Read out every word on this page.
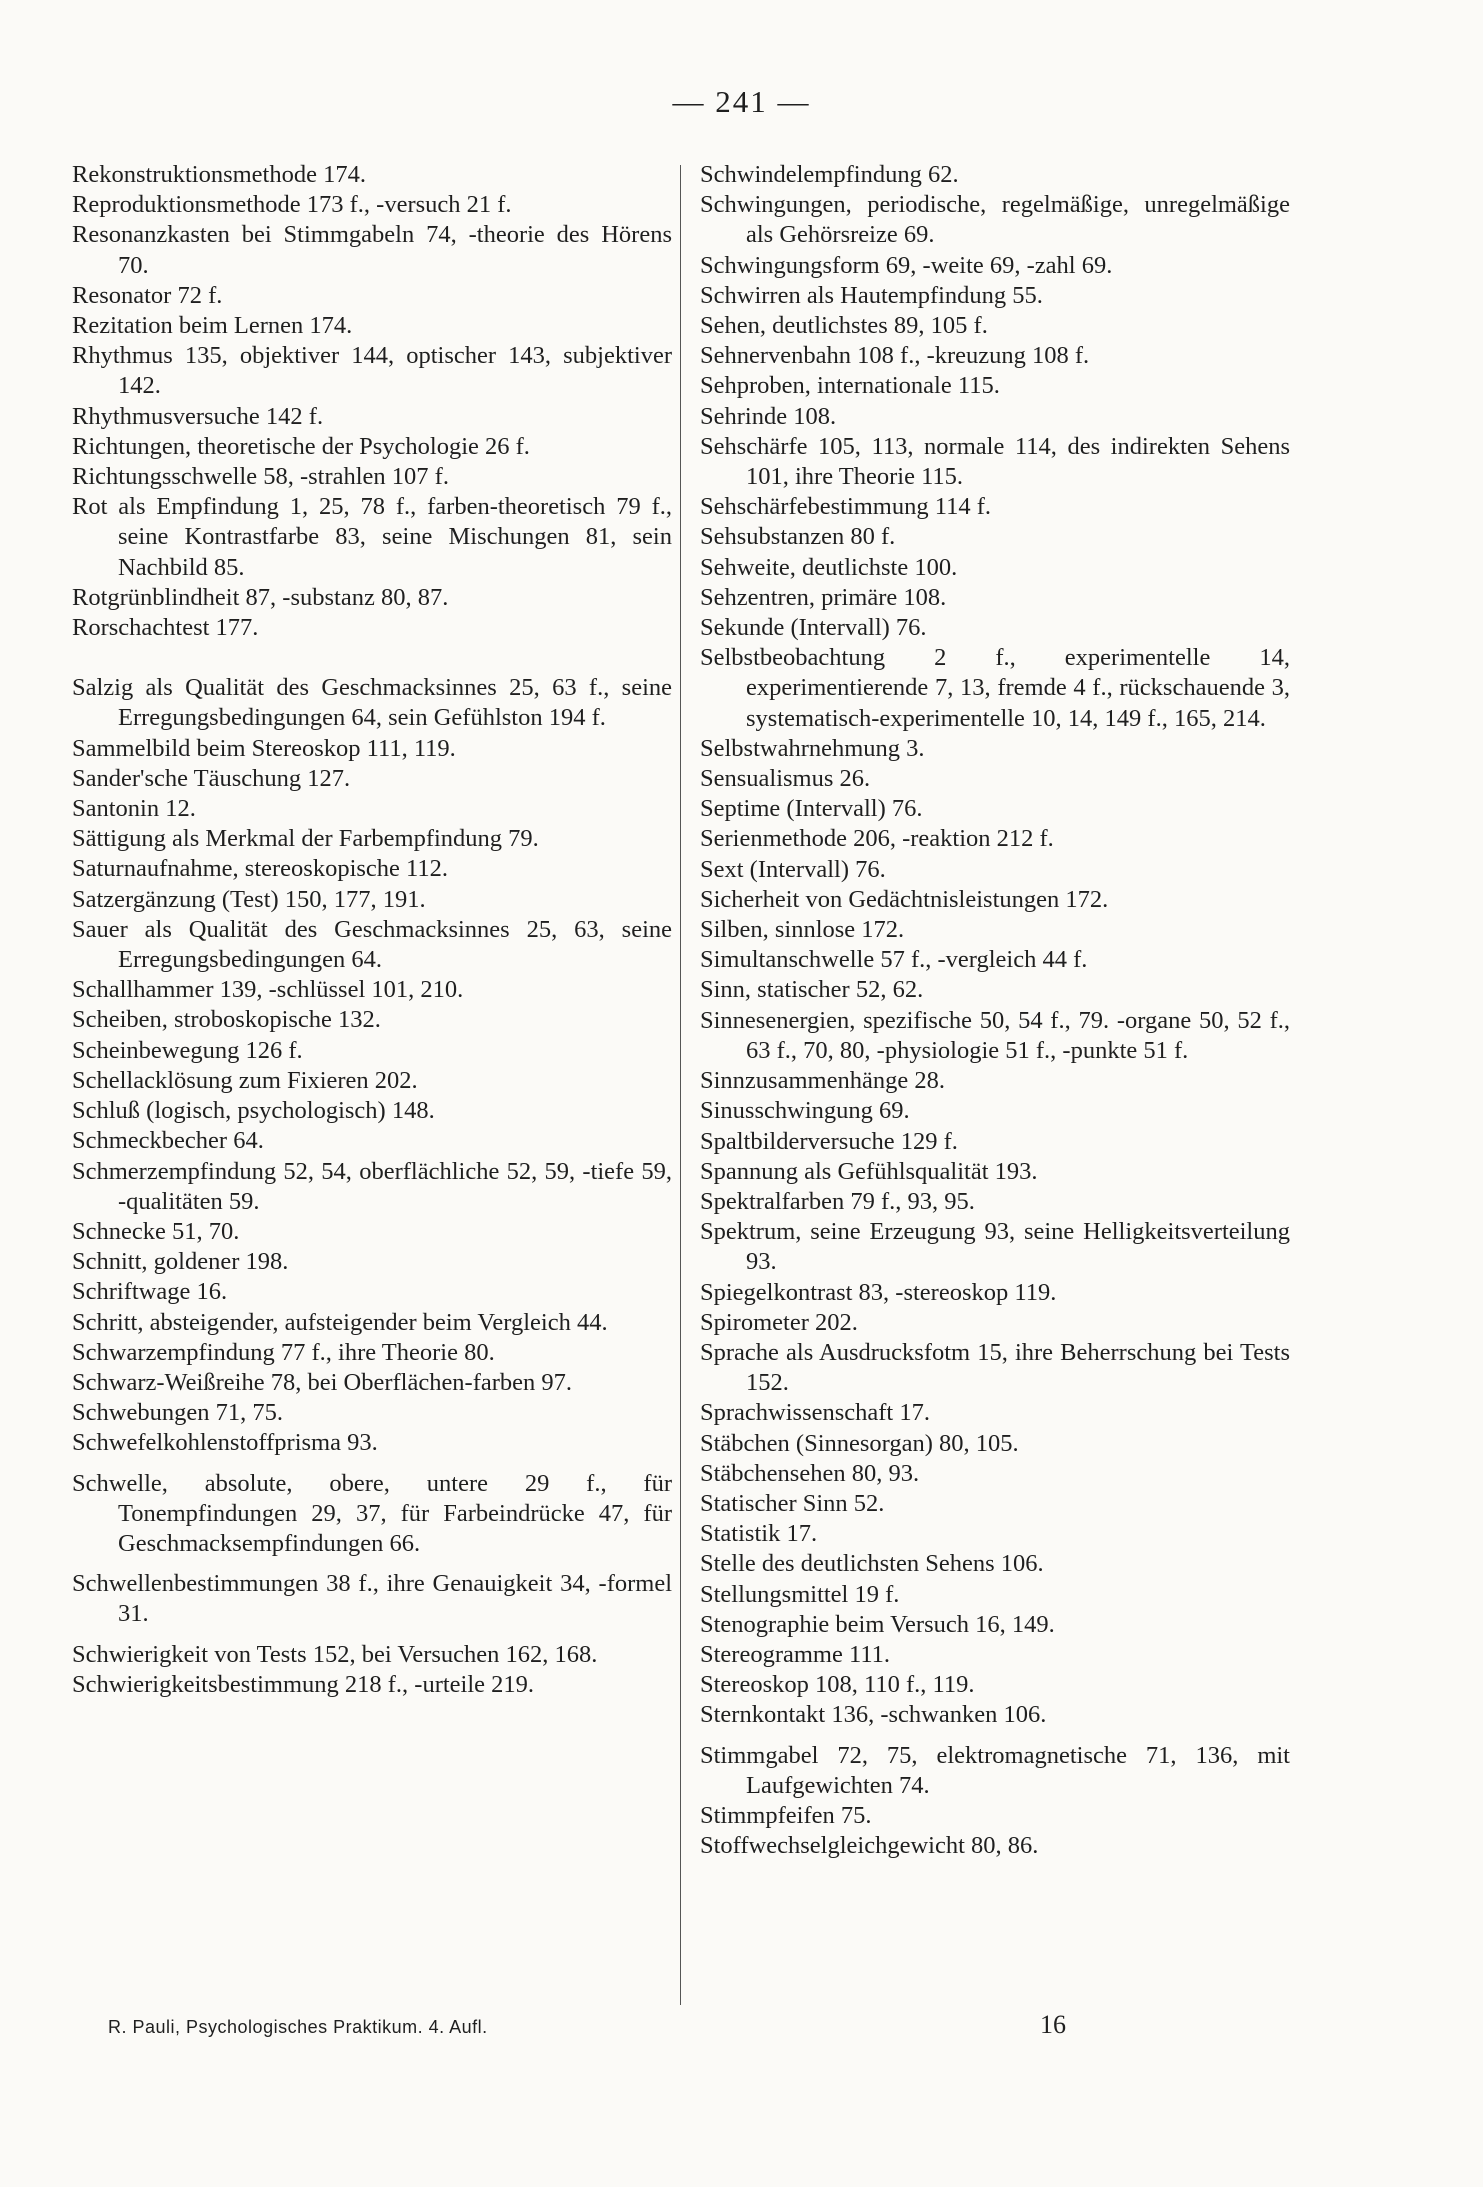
— 241 —
Rekonstruktionsmethode 174.
Reproduktionsmethode 173 f., -versuch 21 f.
Resonanzkasten bei Stimmgabeln 74, -theorie des Hörens 70.
Resonator 72 f.
Rezitation beim Lernen 174.
Rhythmus 135, objektiver 144, optischer 143, subjektiver 142.
Rhythmusversuche 142 f.
Richtungen, theoretische der Psychologie 26 f.
Richtungsschwelle 58, -strahlen 107 f.
Rot als Empfindung 1, 25, 78 f., farben-theoretisch 79 f., seine Kontrastfarbe 83, seine Mischungen 81, sein Nachbild 85.
Rotgrünblindheit 87, -substanz 80, 87.
Rorschachtest 177.
Salzig als Qualität des Geschmacksinnes 25, 63 f., seine Erregungsbedingungen 64, sein Gefühlston 194 f.
Sammelbild beim Stereoskop 111, 119.
Sander'sche Täuschung 127.
Santonin 12.
Sättigung als Merkmal der Farbempfindung 79.
Saturnaufnahme, stereoskopische 112.
Satzergänzung (Test) 150, 177, 191.
Sauer als Qualität des Geschmacksinnes 25, 63, seine Erregungsbedingungen 64.
Schallhammer 139, -schlüssel 101, 210.
Scheiben, stroboskopische 132.
Scheinbewegung 126 f.
Schellacklösung zum Fixieren 202.
Schluß (logisch, psychologisch) 148.
Schmeckbecher 64.
Schmerzempfindung 52, 54, oberflächliche 52, 59, -tiefe 59, -qualitäten 59.
Schnecke 51, 70.
Schnitt, goldener 198.
Schriftwage 16.
Schritt, absteigender, aufsteigender beim Vergleich 44.
Schwarzempfindung 77 f., ihre Theorie 80.
Schwarz-Weißreihe 78, bei Oberflächen-farben 97.
Schwebungen 71, 75.
Schwefelkohlenstoffprisma 93.
Schwelle, absolute, obere, untere 29 f., für Tonempfindungen 29, 37, für Farbeindrücke 47, für Geschmacksempfindungen 66.
Schwellenbestimmungen 38 f., ihre Genauigkeit 34, -formel 31.
Schwierigkeit von Tests 152, bei Versuchen 162, 168.
Schwierigkeitsbestimmung 218 f., -urteile 219.
Schwindelempfindung 62.
Schwingungen, periodische, regelmäßige, unregelmäßige als Gehörsreize 69.
Schwingungsform 69, -weite 69, -zahl 69.
Schwirren als Hautempfindung 55.
Sehen, deutlichstes 89, 105 f.
Sehnervenbahn 108 f., -kreuzung 108 f.
Sehproben, internationale 115.
Sehrinde 108.
Sehschärfe 105, 113, normale 114, des indirekten Sehens 101, ihre Theorie 115.
Sehschärfebestimmung 114 f.
Sehsubstanzen 80 f.
Sehweite, deutlichste 100.
Sehzentren, primäre 108.
Sekunde (Intervall) 76.
Selbstbeobachtung 2 f., experimentelle 14, experimentierende 7, 13, fremde 4 f., rückschauende 3, systematisch-experimentelle 10, 14, 149 f., 165, 214.
Selbstwahrnehmung 3.
Sensualismus 26.
Septime (Intervall) 76.
Serienmethode 206, -reaktion 212 f.
Sext (Intervall) 76.
Sicherheit von Gedächtnisleistungen 172.
Silben, sinnlose 172.
Simultanschwelle 57 f., -vergleich 44 f.
Sinn, statischer 52, 62.
Sinnesenergien, spezifische 50, 54 f., 79. -organe 50, 52 f., 63 f., 70, 80, -physiologie 51 f., -punkte 51 f.
Sinnzusammenhänge 28.
Sinusschwingung 69.
Spaltbilderversuche 129 f.
Spannung als Gefühlsqualität 193.
Spektralfarben 79 f., 93, 95.
Spektrum, seine Erzeugung 93, seine Helligkeitsverteilung 93.
Spiegelkontrast 83, -stereoskop 119.
Spirometer 202.
Sprache als Ausdrucksfotm 15, ihre Beherrschung bei Tests 152.
Sprachwissenschaft 17.
Stäbchen (Sinnesorgan) 80, 105.
Stäbchensehen 80, 93.
Statischer Sinn 52.
Statistik 17.
Stelle des deutlichsten Sehens 106.
Stellungsmittel 19 f.
Stenographie beim Versuch 16, 149.
Stereogramme 111.
Stereoskop 108, 110 f., 119.
Sternkontakt 136, -schwanken 106.
Stimmgabel 72, 75, elektromagnetische 71, 136, mit Laufgewichten 74.
Stimmpfeifen 75.
Stoffwechselgleichgewicht 80, 86.
R. Pauli, Psychologisches Praktikum. 4. Aufl.	16
